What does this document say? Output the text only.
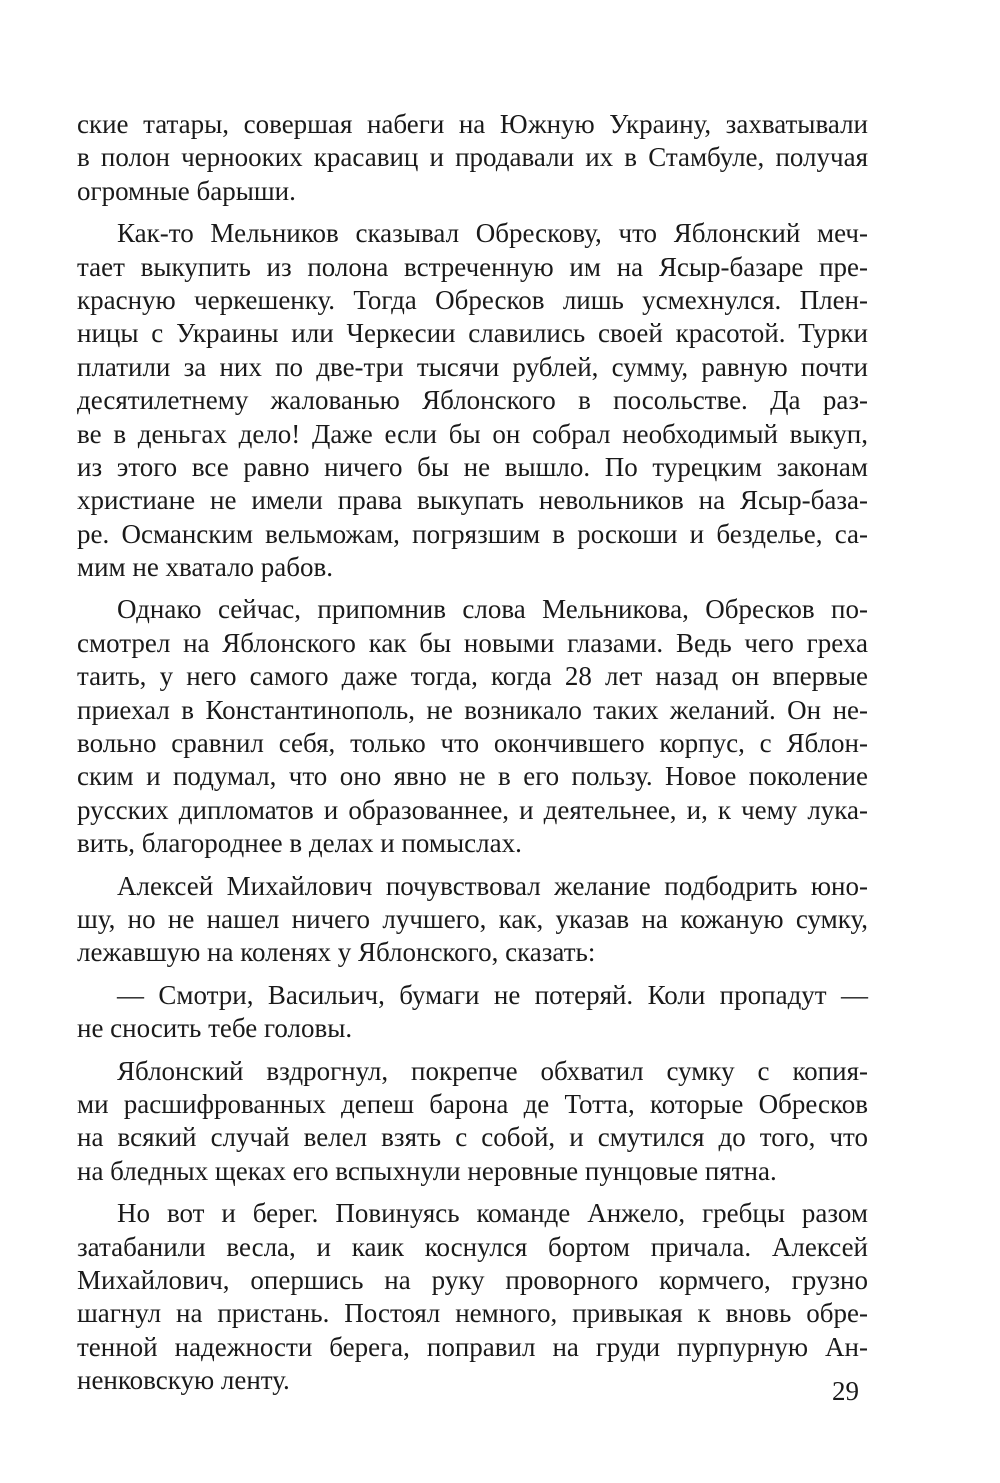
ские татары, совершая набеги на Южную Украину, захватывали
в полон чернооких красавиц и продавали их в Стамбуле, получая
огромные барыши.
Как-то Мельников сказывал Обрескову, что Яблонский меч-
тает выкупить из полона встреченную им на Ясыр-базаре пре-
красную черкешенку. Тогда Обресков лишь усмехнулся. Плен-
ницы с Украины или Черкесии славились своей красотой. Турки
платили за них по две-три тысячи рублей, сумму, равную почти
десятилетнему жалованью Яблонского в посольстве. Да раз-
ве в деньгах дело! Даже если бы он собрал необходимый выкуп,
из этого все равно ничего бы не вышло. По турецким законам
христиане не имели права выкупать невольников на Ясыр-база-
ре. Османским вельможам, погрязшим в роскоши и безделье, са-
мим не хватало рабов.
Однако сейчас, припомнив слова Мельникова, Обресков по-
смотрел на Яблонского как бы новыми глазами. Ведь чего греха
таить, у него самого даже тогда, когда 28 лет назад он впервые
приехал в Константинополь, не возникало таких желаний. Он не-
вольно сравнил себя, только что окончившего корпус, с Яблон-
ским и подумал, что оно явно не в его пользу. Новое поколение
русских дипломатов и образованнее, и деятельнее, и, к чему лука-
вить, благороднее в делах и помыслах.
Алексей Михайлович почувствовал желание подбодрить юно-
шу, но не нашел ничего лучшего, как, указав на кожаную сумку,
лежавшую на коленях у Яблонского, сказать:
— Смотри, Васильич, бумаги не потеряй. Коли пропадут —
не сносить тебе головы.
Яблонский вздрогнул, покрепче обхватил сумку с копия-
ми расшифрованных депеш барона де Тотта, которые Обресков
на всякий случай велел взять с собой, и смутился до того, что
на бледных щеках его вспыхнули неровные пунцовые пятна.
Но вот и берег. Повинуясь команде Анжело, гребцы разом
затабанили весла, и каик коснулся бортом причала. Алексей
Михайлович, опершись на руку проворного кормчего, грузно
шагнул на пристань. Постоял немного, привыкая к вновь обре-
тенной надежности берега, поправил на груди пурпурную Ан-
ненковскую ленту.	29
